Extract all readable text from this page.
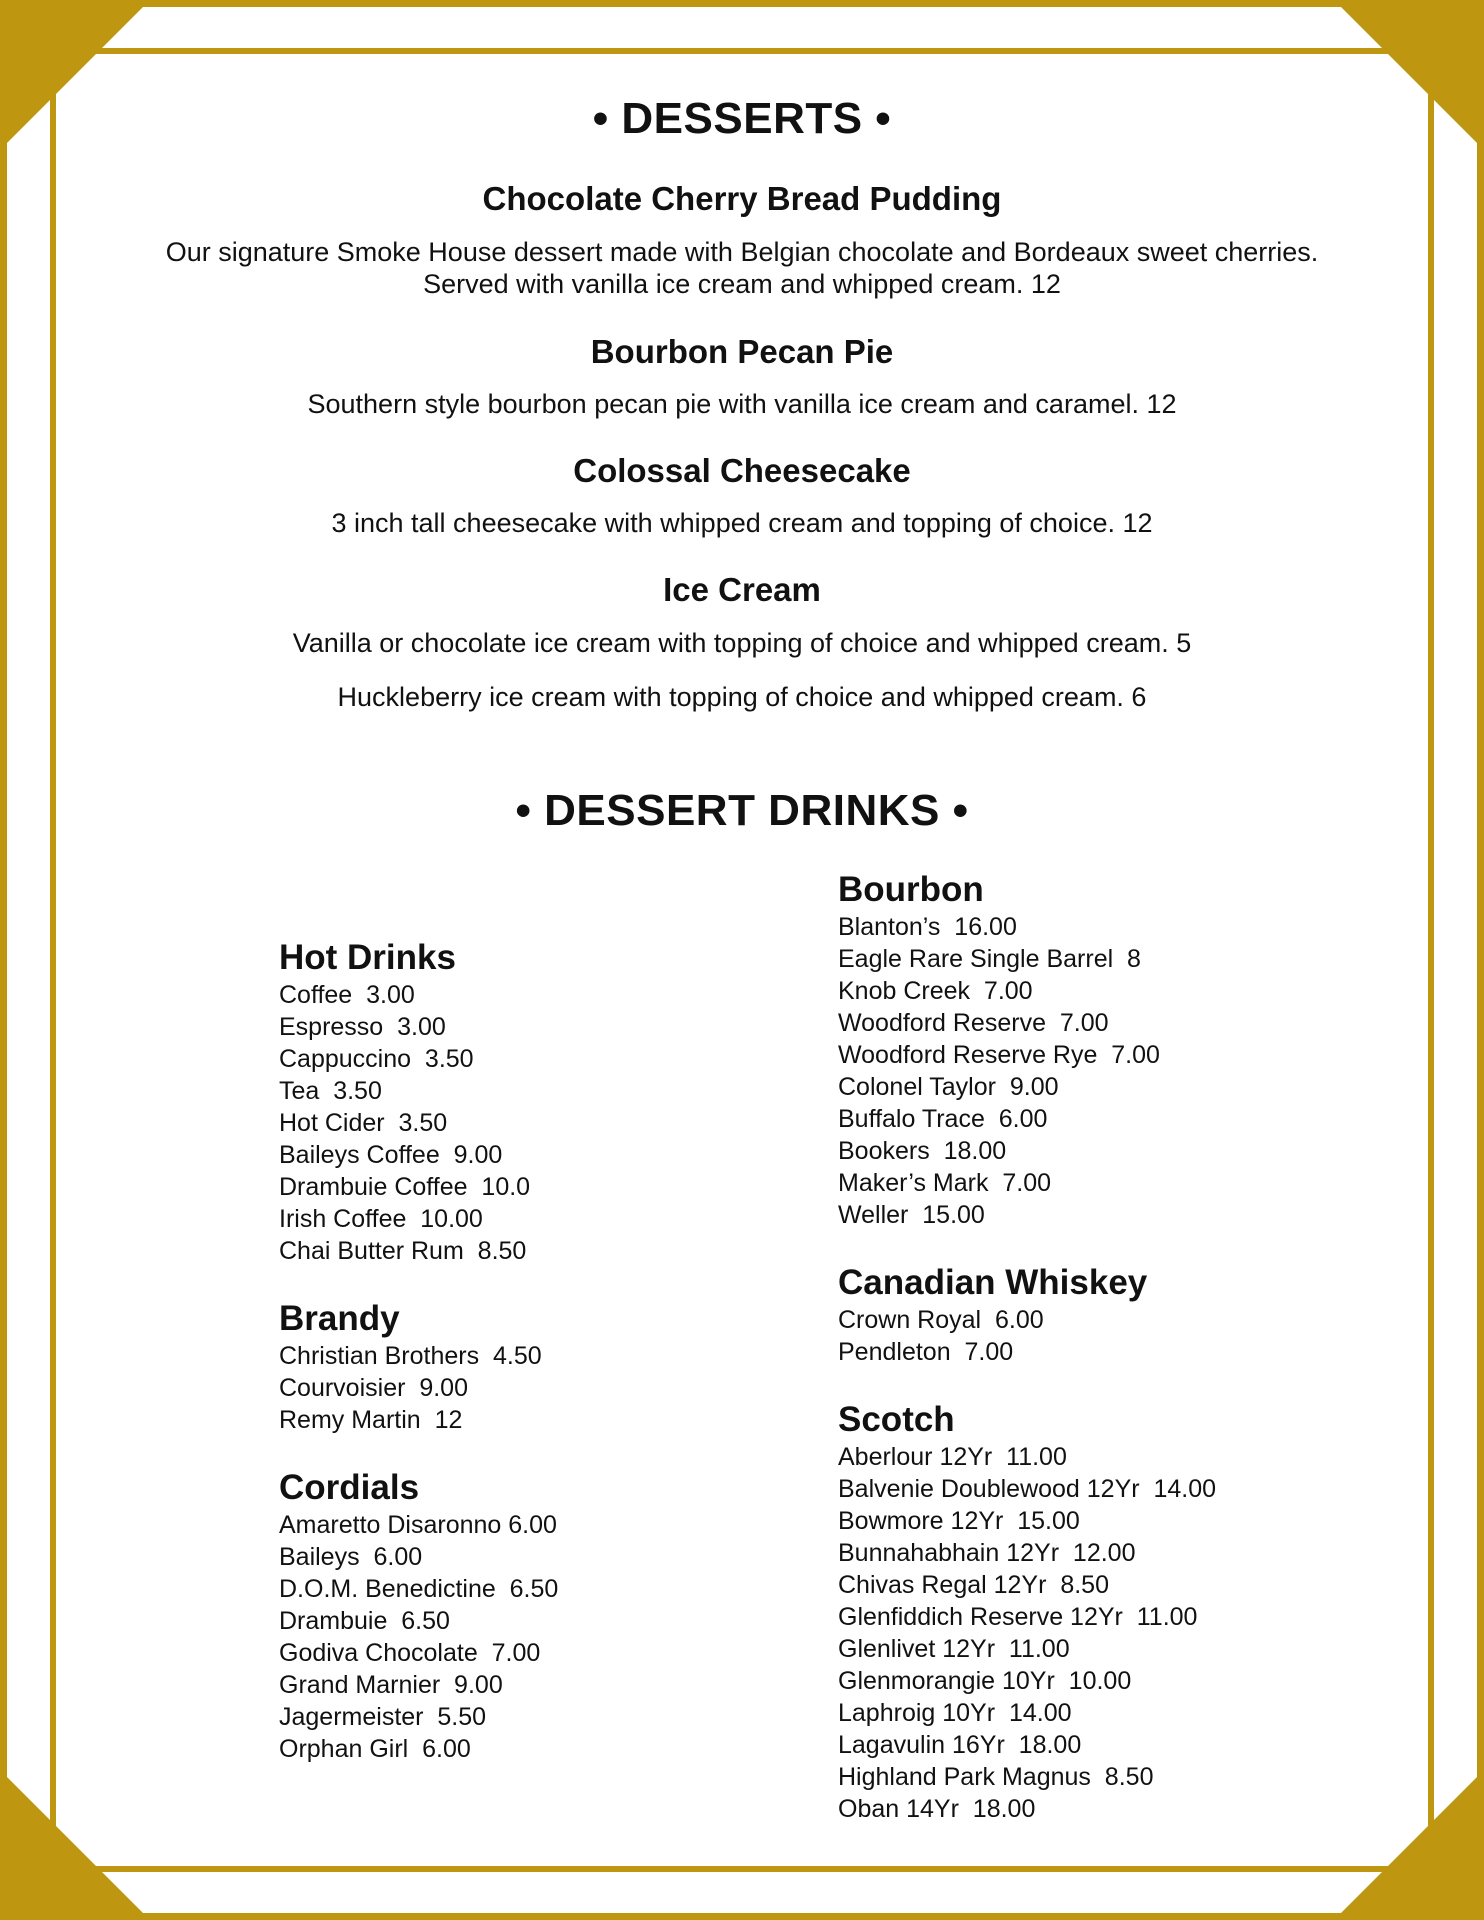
• DESSERTS •
Chocolate Cherry Bread Pudding
Our signature Smoke House dessert made with Belgian chocolate and Bordeaux sweet cherries.
Served with vanilla ice cream and whipped cream. 12
Bourbon Pecan Pie
Southern style bourbon pecan pie with vanilla ice cream and caramel. 12
Colossal Cheesecake
3 inch tall cheesecake with whipped cream and topping of choice. 12
Ice Cream
Vanilla or chocolate ice cream with topping of choice and whipped cream. 5
Huckleberry ice cream with topping of choice and whipped cream. 6
• DESSERT DRINKS •
Hot Drinks
Coffee  3.00
Espresso  3.00
Cappuccino  3.50
Tea  3.50
Hot Cider  3.50
Baileys Coffee  9.00
Drambuie Coffee  10.0
Irish Coffee  10.00
Chai Butter Rum  8.50
Brandy
Christian Brothers  4.50
Courvoisier  9.00
Remy Martin  12
Cordials
Amaretto Disaronno 6.00
Baileys  6.00
D.O.M. Benedictine  6.50
Drambuie  6.50
Godiva Chocolate  7.00
Grand Marnier  9.00
Jagermeister  5.50
Orphan Girl  6.00
Bourbon
Blanton’s  16.00
Eagle Rare Single Barrel  8
Knob Creek  7.00
Woodford Reserve  7.00
Woodford Reserve Rye  7.00
Colonel Taylor  9.00
Buffalo Trace  6.00
Bookers  18.00
Maker’s Mark  7.00
Weller  15.00
Canadian Whiskey
Crown Royal  6.00
Pendleton  7.00
Scotch
Aberlour 12Yr  11.00
Balvenie Doublewood 12Yr  14.00
Bowmore 12Yr  15.00
Bunnahabhain 12Yr  12.00
Chivas Regal 12Yr  8.50
Glenfiddich Reserve 12Yr  11.00
Glenlivet 12Yr  11.00
Glenmorangie 10Yr  10.00
Laphroig 10Yr  14.00
Lagavulin 16Yr  18.00
Highland Park Magnus  8.50
Oban 14Yr  18.00
